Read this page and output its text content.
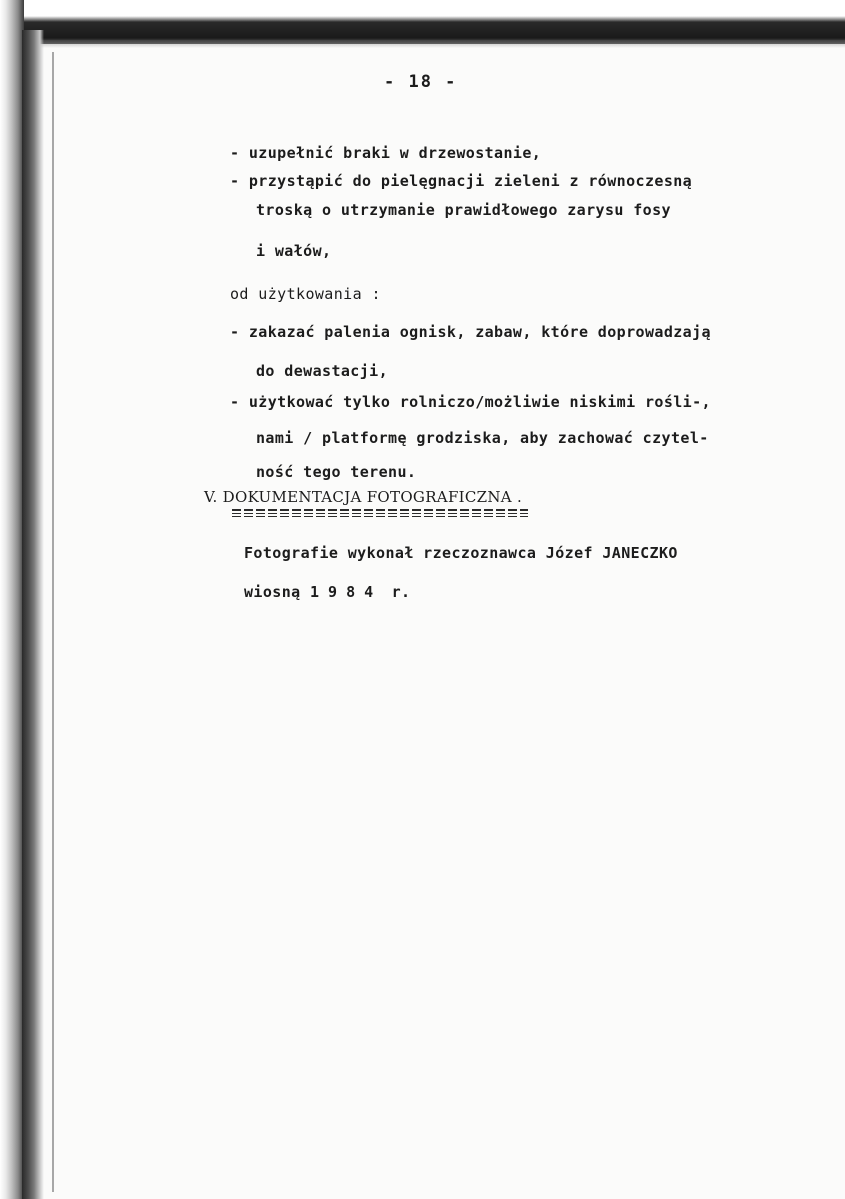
- 18 -

- uzupełnić braki w drzewostanie,

- przystąpić do pielęgnacji zieleni z równoczesną

troską o utrzymanie prawidłowego zarysu fosy

i wałów,

od użytkowania :

- zakazać palenia ognisk, zabaw, które doprowadzają

do dewastacji,

- użytkować tylko rolniczo/możliwie niskimi rośli-,

nami / platformę grodziska, aby zachować czytel-

ność tego terenu.

V. DOKUMENTACJA FOTOGRAFICZNA .

Fotografie wykonał rzeczoznawca Józef JANECZKO

wiosną 1984 r.
